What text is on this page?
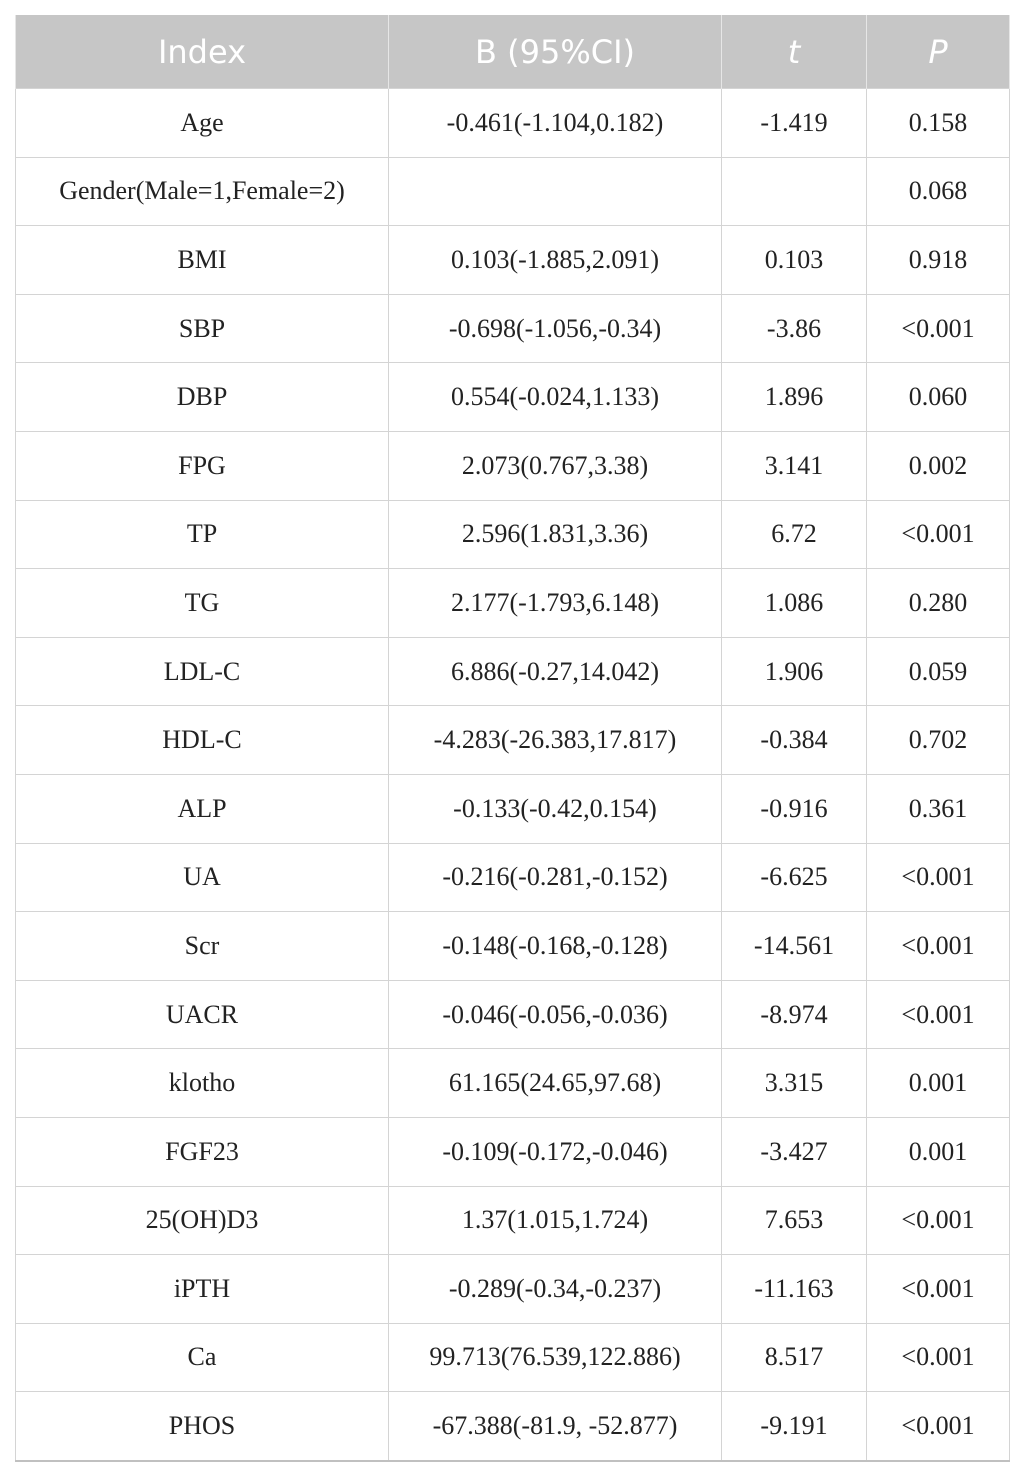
Index	B (95%CI)	t	P
Age	-0.461(-1.104,0.182)	-1.419	0.158
Gender(Male=1,Female=2)			0.068
BMI	0.103(-1.885,2.091)	0.103	0.918
SBP	-0.698(-1.056,-0.34)	-3.86	<0.001
DBP	0.554(-0.024,1.133)	1.896	0.060
FPG	2.073(0.767,3.38)	3.141	0.002
TP	2.596(1.831,3.36)	6.72	<0.001
TG	2.177(-1.793,6.148)	1.086	0.280
LDL-C	6.886(-0.27,14.042)	1.906	0.059
HDL-C	-4.283(-26.383,17.817)	-0.384	0.702
ALP	-0.133(-0.42,0.154)	-0.916	0.361
UA	-0.216(-0.281,-0.152)	-6.625	<0.001
Scr	-0.148(-0.168,-0.128)	-14.561	<0.001
UACR	-0.046(-0.056,-0.036)	-8.974	<0.001
klotho	61.165(24.65,97.68)	3.315	0.001
FGF23	-0.109(-0.172,-0.046)	-3.427	0.001
25(OH)D3	1.37(1.015,1.724)	7.653	<0.001
iPTH	-0.289(-0.34,-0.237)	-11.163	<0.001
Ca	99.713(76.539,122.886)	8.517	<0.001
PHOS	-67.388(-81.9, -52.877)	-9.191	<0.001
